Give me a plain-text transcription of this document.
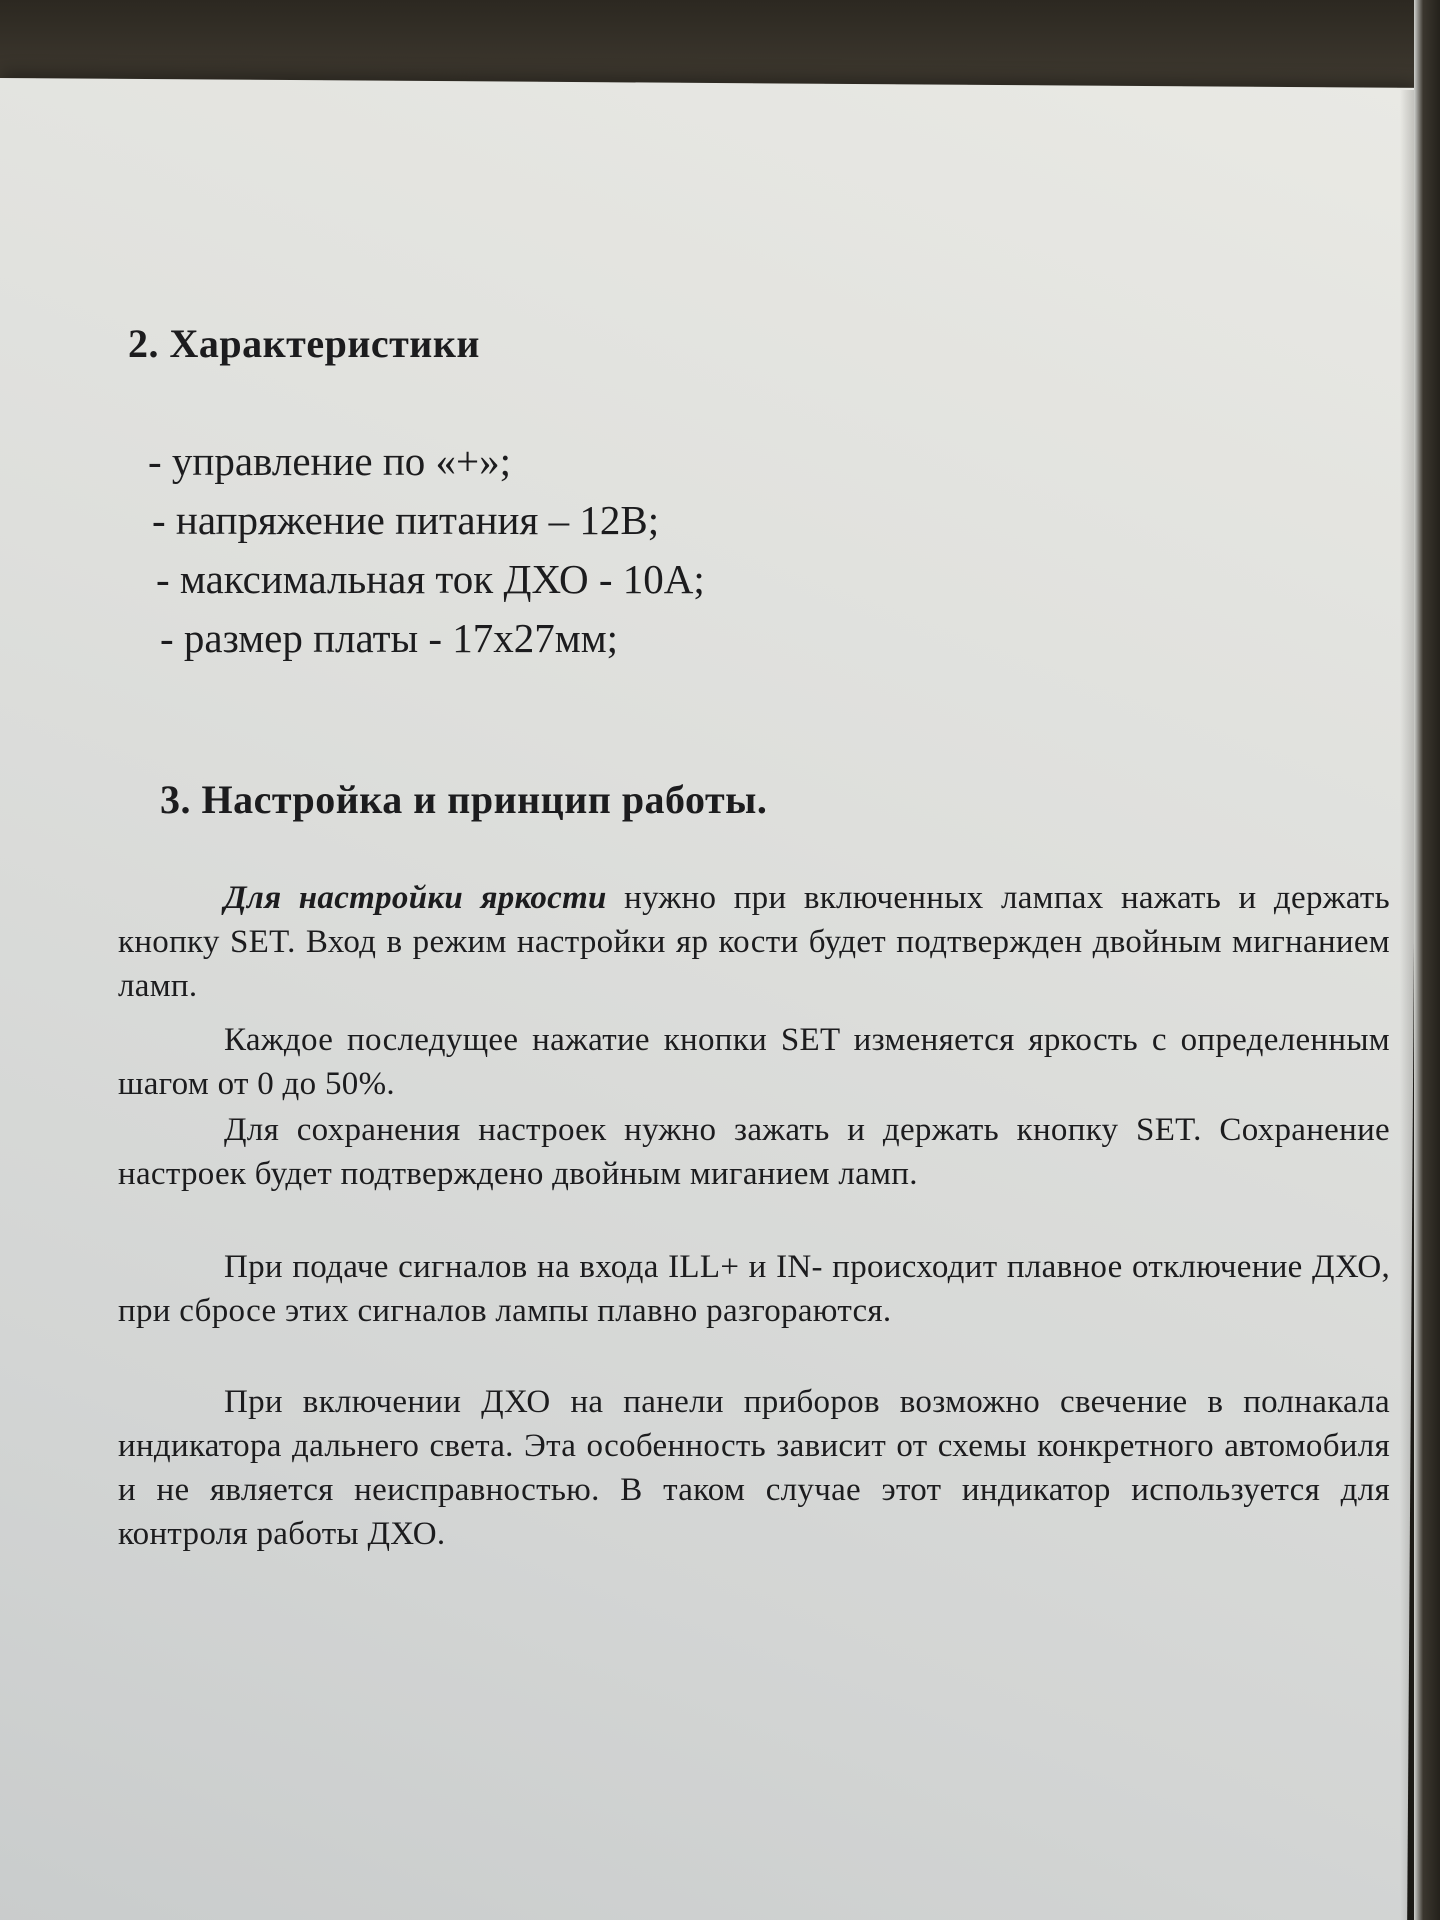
2. Характеристики
- управление по «+»;
- напряжение питания – 12В;
- максимальная ток ДХО - 10А;
- размер платы - 17х27мм;
3. Настройка и принцип работы.

Для настройки яркости нужно при включенных лампах нажать и держать кнопку SET. Вход в режим настройки яр кости будет подтвержден двойным мигнанием ламп.

Каждое последущее нажатие кнопки SET изменяется яркость с определенным шагом от 0 до 50%.

Для сохранения настроек нужно зажать и держать кнопку SET. Сохранение настроек будет подтверждено двойным миганием ламп.

При подаче сигналов на входа ILL+ и IN- происходит плавное отключение ДХО, при сбросе этих сигналов лампы плавно разгораются.

При включении ДХО на панели приборов возможно свечение в полнакала индикатора дальнего света. Эта особенность зависит от схемы конкретного автомобиля и не является неисправностью. В таком случае этот индикатор используется для контроля работы ДХО.
